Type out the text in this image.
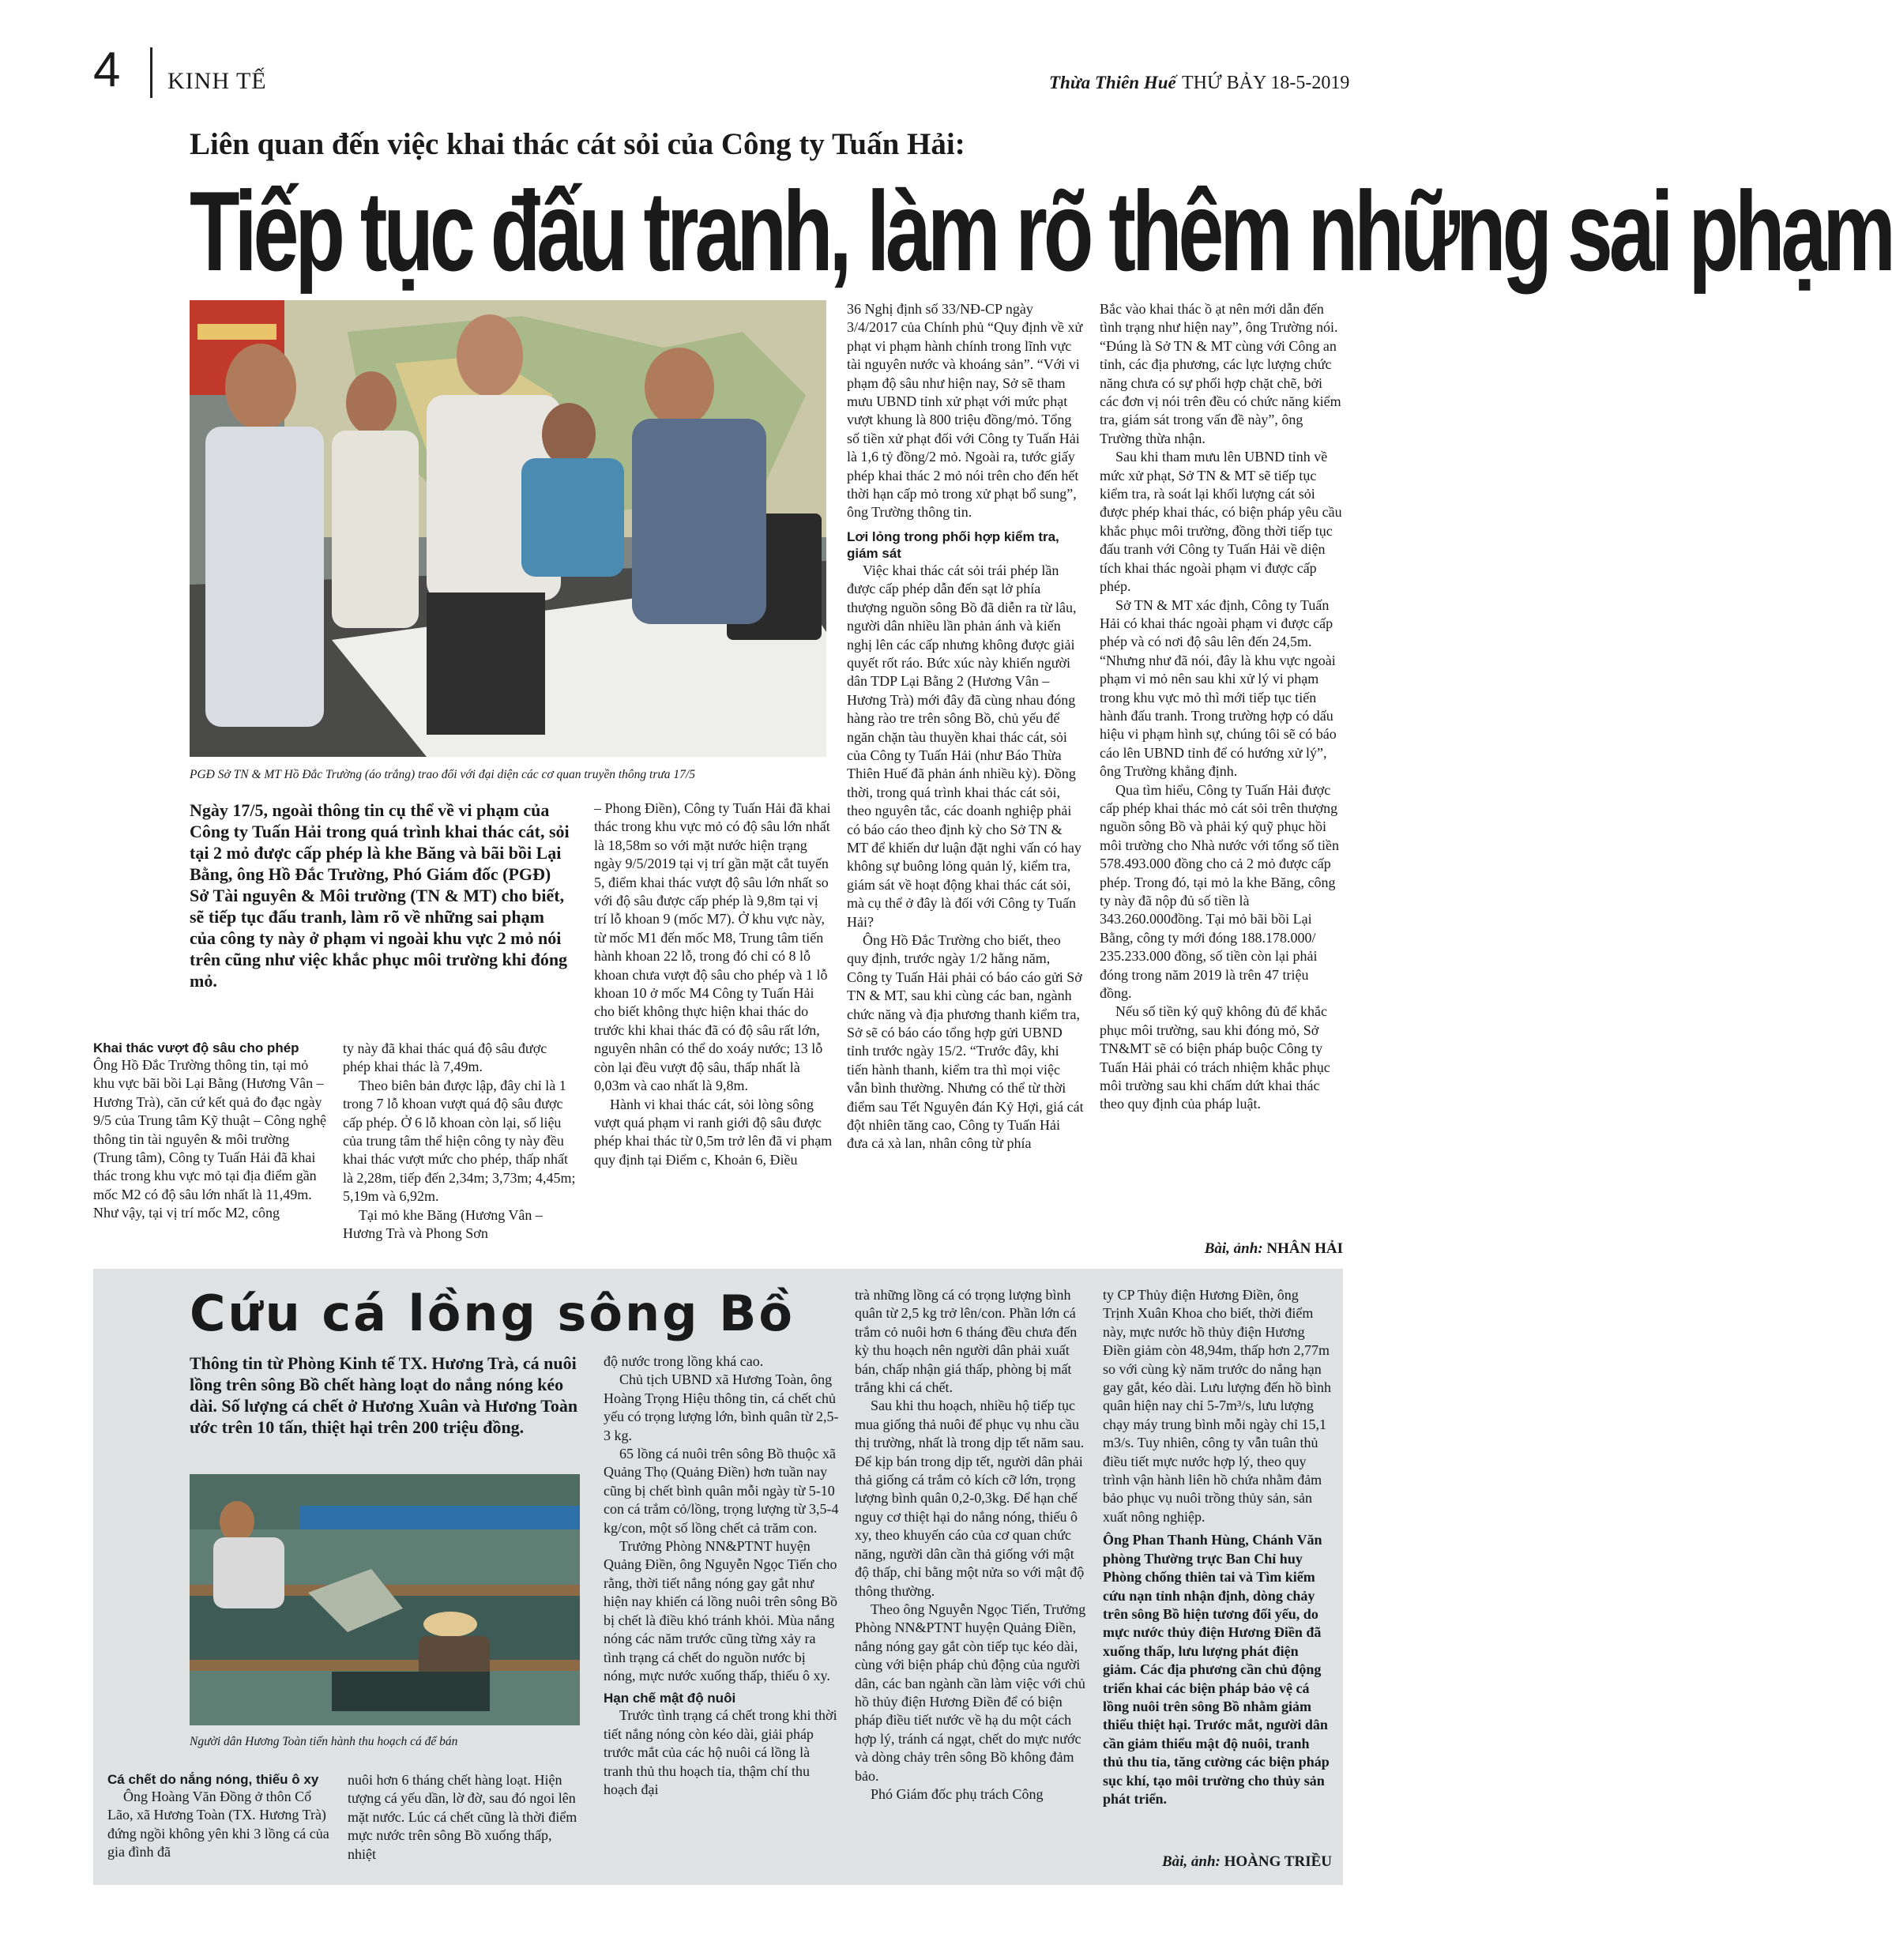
4 KINH TẾ	Thừa Thiên Huế THỨ BẢY 18-5-2019
Liên quan đến việc khai thác cát sỏi của Công ty Tuấn Hải:
Tiếp tục đấu tranh, làm rõ thêm những sai phạm
PGĐ Sở TN & MT Hồ Đắc Trường (áo trắng) trao đổi với đại diện các cơ quan truyền thông trưa 17/5

Ngày 17/5, ngoài thông tin cụ thể về vi phạm của Công ty Tuấn Hải trong quá trình khai thác cát, sỏi tại 2 mỏ được cấp phép là khe Băng và bãi bồi Lại Bằng, ông Hồ Đắc Trường, Phó Giám đốc (PGĐ) Sở Tài nguyên & Môi trường (TN & MT) cho biết, sẽ tiếp tục đấu tranh, làm rõ về những sai phạm của công ty này ở phạm vi ngoài khu vực 2 mỏ nói trên cũng như việc khắc phục môi trường khi đóng mỏ.

Khai thác vượt độ sâu cho phép

Ông Hồ Đắc Trường thông tin, tại mỏ khu vực bãi bồi Lại Bằng (Hương Vân – Hương Trà), căn cứ kết quả đo đạc ngày 9/5 của Trung tâm Kỹ thuật – Công nghệ thông tin tài nguyên & môi trường (Trung tâm), Công ty Tuấn Hải đã khai thác trong khu vực mỏ tại địa điểm gần mốc M2 có độ sâu lớn nhất là 11,49m. Như vậy, tại vị trí mốc M2, công

ty này đã khai thác quá độ sâu được phép khai thác là 7,49m.

Theo biên bản được lập, đây chỉ là 1 trong 7 lỗ khoan vượt quá độ sâu được cấp phép. Ở 6 lỗ khoan còn lại, số liệu của trung tâm thể hiện công ty này đều khai thác vượt mức cho phép, thấp nhất là 2,28m, tiếp đến 2,34m; 3,73m; 4,45m; 5,19m và 6,92m.

Tại mỏ khe Băng (Hương Vân – Hương Trà và Phong Sơn

– Phong Điền), Công ty Tuấn Hải đã khai thác trong khu vực mỏ có độ sâu lớn nhất là 18,58m so với mặt nước hiện trạng ngày 9/5/2019 tại vị trí gần mặt cắt tuyến 5, điểm khai thác vượt độ sâu lớn nhất so với độ sâu được cấp phép là 9,8m tại vị trí lỗ khoan 9 (mốc M7). Ở khu vực này, từ mốc M1 đến mốc M8, Trung tâm tiến hành khoan 22 lỗ, trong đó chỉ có 8 lỗ khoan chưa vượt độ sâu cho phép và 1 lỗ khoan 10 ở mốc M4 Công ty Tuấn Hải cho biết không thực hiện khai thác do trước khi khai thác đã có độ sâu rất lớn, nguyên nhân có thể do xoáy nước; 13 lỗ còn lại đều vượt độ sâu, thấp nhất là 0,03m và cao nhất là 9,8m.

Hành vi khai thác cát, sỏi lòng sông vượt quá phạm vi ranh giới độ sâu được phép khai thác từ 0,5m trở lên đã vi phạm quy định tại Điểm c, Khoản 6, Điều

36 Nghị định số 33/NĐ-CP ngày 3/4/2017 của Chính phủ “Quy định về xử phạt vi phạm hành chính trong lĩnh vực tài nguyên nước và khoáng sản”. “Với vi phạm độ sâu như hiện nay, Sở sẽ tham mưu UBND tỉnh xử phạt với mức phạt vượt khung là 800 triệu đồng/mỏ. Tổng số tiền xử phạt đối với Công ty Tuấn Hải là 1,6 tỷ đồng/2 mỏ. Ngoài ra, tước giấy phép khai thác 2 mỏ nói trên cho đến hết thời hạn cấp mỏ trong xử phạt bổ sung”, ông Trường thông tin.

Lơi lỏng trong phối hợp kiểm tra, giám sát

Việc khai thác cát sỏi trái phép lần được cấp phép dẫn đến sạt lở phía thượng nguồn sông Bồ đã diễn ra từ lâu, người dân nhiều lần phản ánh và kiến nghị lên các cấp nhưng không được giải quyết rốt ráo. Bức xúc này khiến người dân TDP Lại Bằng 2 (Hương Vân – Hương Trà) mới đây đã cùng nhau đóng hàng rào tre trên sông Bồ, chủ yếu để ngăn chặn tàu thuyền khai thác cát, sỏi của Công ty Tuấn Hải (như Báo Thừa Thiên Huế đã phản ánh nhiều kỳ). Đồng thời, trong quá trình khai thác cát sỏi, theo nguyên tắc, các doanh nghiệp phải có báo cáo theo định kỳ cho Sở TN & MT để khiến dư luận đặt nghi vấn có hay không sự buông lỏng quản lý, kiểm tra, giám sát về hoạt động khai thác cát sỏi, mà cụ thể ở đây là đối với Công ty Tuấn Hải?

Ông Hồ Đắc Trường cho biết, theo quy định, trước ngày 1/2 hằng năm, Công ty Tuấn Hải phải có báo cáo gửi Sở TN & MT, sau khi cùng các ban, ngành chức năng và địa phương thanh kiểm tra, Sở sẽ có báo cáo tổng hợp gửi UBND tỉnh trước ngày 15/2. “Trước đây, khi tiến hành thanh, kiểm tra thì mọi việc vẫn bình thường. Nhưng có thể từ thời điểm sau Tết Nguyên đán Kỷ Hợi, giá cát đột nhiên tăng cao, Công ty Tuấn Hải đưa cả xà lan, nhân công từ phía

Bắc vào khai thác ồ ạt nên mới dẫn đến tình trạng như hiện nay”, ông Trường nói. “Đúng là Sở TN & MT cùng với Công an tỉnh, các địa phương, các lực lượng chức năng chưa có sự phối hợp chặt chẽ, bởi các đơn vị nói trên đều có chức năng kiểm tra, giám sát trong vấn đề này”, ông Trường thừa nhận.

Sau khi tham mưu lên UBND tỉnh về mức xử phạt, Sở TN & MT sẽ tiếp tục kiểm tra, rà soát lại khối lượng cát sỏi được phép khai thác, có biện pháp yêu cầu khắc phục môi trường, đồng thời tiếp tục đấu tranh với Công ty Tuấn Hải về diện tích khai thác ngoài phạm vi được cấp phép.

Sở TN & MT xác định, Công ty Tuấn Hải có khai thác ngoài phạm vi được cấp phép và có nơi độ sâu lên đến 24,5m. “Nhưng như đã nói, đây là khu vực ngoài phạm vi mỏ nên sau khi xử lý vi phạm trong khu vực mỏ thì mới tiếp tục tiến hành đấu tranh. Trong trường hợp có dấu hiệu vi phạm hình sự, chúng tôi sẽ có báo cáo lên UBND tỉnh để có hướng xử lý”, ông Trường khẳng định.

Qua tìm hiểu, Công ty Tuấn Hải được cấp phép khai thác mỏ cát sỏi trên thượng nguồn sông Bồ và phải ký quỹ phục hồi môi trường cho Nhà nước với tổng số tiền 578.493.000 đồng cho cả 2 mỏ được cấp phép. Trong đó, tại mỏ la khe Băng, công ty này đã nộp đủ số tiền là 343.260.000đồng. Tại mỏ bãi bồi Lại Bằng, công ty mới đóng 188.178.000/ 235.233.000 đồng, số tiền còn lại phải đóng trong năm 2019 là trên 47 triệu đồng.

Nếu số tiền ký quỹ không đủ để khắc phục môi trường, sau khi đóng mỏ, Sở TN&MT sẽ có biện pháp buộc Công ty Tuấn Hải phải có trách nhiệm khắc phục môi trường sau khi chấm dứt khai thác theo quy định của pháp luật.

Bài, ảnh: NHÂN HẢI
Cứu cá lồng sông Bồ

Thông tin từ Phòng Kinh tế TX. Hương Trà, cá nuôi lồng trên sông Bồ chết hàng loạt do nắng nóng kéo dài. Số lượng cá chết ở Hương Xuân và Hương Toàn ước trên 10 tấn, thiệt hại trên 200 triệu đồng.

Người dân Hương Toàn tiến hành thu hoạch cá để bán

Cá chết do nắng nóng, thiếu ô xy

Ông Hoàng Văn Đồng ở thôn Cổ Lão, xã Hương Toàn (TX. Hương Trà) đứng ngồi không yên khi 3 lồng cá của gia đình đã

nuôi hơn 6 tháng chết hàng loạt. Hiện tượng cá yếu dần, lờ đờ, sau đó ngoi lên mặt nước. Lúc cá chết cũng là thời điểm mực nước trên sông Bồ xuống thấp, nhiệt

độ nước trong lồng khá cao.

Chủ tịch UBND xã Hương Toàn, ông Hoàng Trọng Hiệu thông tin, cá chết chủ yếu có trọng lượng lớn, bình quân từ 2,5-3 kg.

65 lồng cá nuôi trên sông Bồ thuộc xã Quảng Thọ (Quảng Điền) hơn tuần nay cũng bị chết bình quân mỗi ngày từ 5-10 con cá trắm cỏ/lồng, trọng lượng từ 3,5-4 kg/con, một số lồng chết cả trăm con.

Trưởng Phòng NN&PTNT huyện Quảng Điền, ông Nguyễn Ngọc Tiến cho rằng, thời tiết nắng nóng gay gắt như hiện nay khiến cá lồng nuôi trên sông Bồ bị chết là điều khó tránh khỏi. Mùa nắng nóng các năm trước cũng từng xảy ra tình trạng cá chết do nguồn nước bị nóng, mực nước xuống thấp, thiếu ô xy.

Hạn chế mật độ nuôi

Trước tình trạng cá chết trong khi thời tiết nắng nóng còn kéo dài, giải pháp trước mắt của các hộ nuôi cá lồng là tranh thủ thu hoạch tỉa, thậm chí thu hoạch đại

trà những lồng cá có trọng lượng bình quân từ 2,5 kg trở lên/con. Phần lớn cá trắm cỏ nuôi hơn 6 tháng đều chưa đến kỳ thu hoạch nên người dân phải xuất bán, chấp nhận giá thấp, phòng bị mất trắng khi cá chết.

Sau khi thu hoạch, nhiều hộ tiếp tục mua giống thả nuôi để phục vụ nhu cầu thị trường, nhất là trong dịp tết năm sau. Để kịp bán trong dịp tết, người dân phải thả giống cá trắm cỏ kích cỡ lớn, trọng lượng bình quân 0,2-0,3kg. Để hạn chế nguy cơ thiệt hại do nắng nóng, thiếu ô xy, theo khuyến cáo của cơ quan chức năng, người dân cần thả giống với mật độ thấp, chỉ bằng một nửa so với mật độ thông thường.

Theo ông Nguyễn Ngọc Tiến, Trưởng Phòng NN&PTNT huyện Quảng Điền, nắng nóng gay gắt còn tiếp tục kéo dài, cùng với biện pháp chủ động của người dân, các ban ngành cần làm việc với chủ hồ thủy điện Hương Điền để có biện pháp điều tiết nước về hạ du một cách hợp lý, tránh cá ngạt, chết do mực nước và dòng chảy trên sông Bồ không đảm bảo.

Phó Giám đốc phụ trách Công

ty CP Thủy điện Hương Điền, ông Trịnh Xuân Khoa cho biết, thời điểm này, mực nước hồ thủy điện Hương Điền giảm còn 48,94m, thấp hơn 2,77m so với cùng kỳ năm trước do nắng hạn gay gắt, kéo dài. Lưu lượng đến hồ bình quân hiện nay chỉ 5-7m³/s, lưu lượng chạy máy trung bình mỗi ngày chỉ 15,1 m3/s. Tuy nhiên, công ty vẫn tuân thủ điều tiết mực nước hợp lý, theo quy trình vận hành liên hồ chứa nhằm đảm bảo phục vụ nuôi trồng thủy sản, sản xuất nông nghiệp.

Ông Phan Thanh Hùng, Chánh Văn phòng Thường trực Ban Chỉ huy Phòng chống thiên tai và Tìm kiếm cứu nạn tỉnh nhận định, dòng chảy trên sông Bồ hiện tương đối yếu, do mực nước thủy điện Hương Điền đã xuống thấp, lưu lượng phát điện giảm. Các địa phương cần chủ động triển khai các biện pháp bảo vệ cá lồng nuôi trên sông Bồ nhằm giảm thiểu thiệt hại. Trước mắt, người dân cần giảm thiểu mật độ nuôi, tranh thủ thu tỉa, tăng cường các biện pháp sục khí, tạo môi trường cho thủy sản phát triển.

Bài, ảnh: HOÀNG TRIỀU
